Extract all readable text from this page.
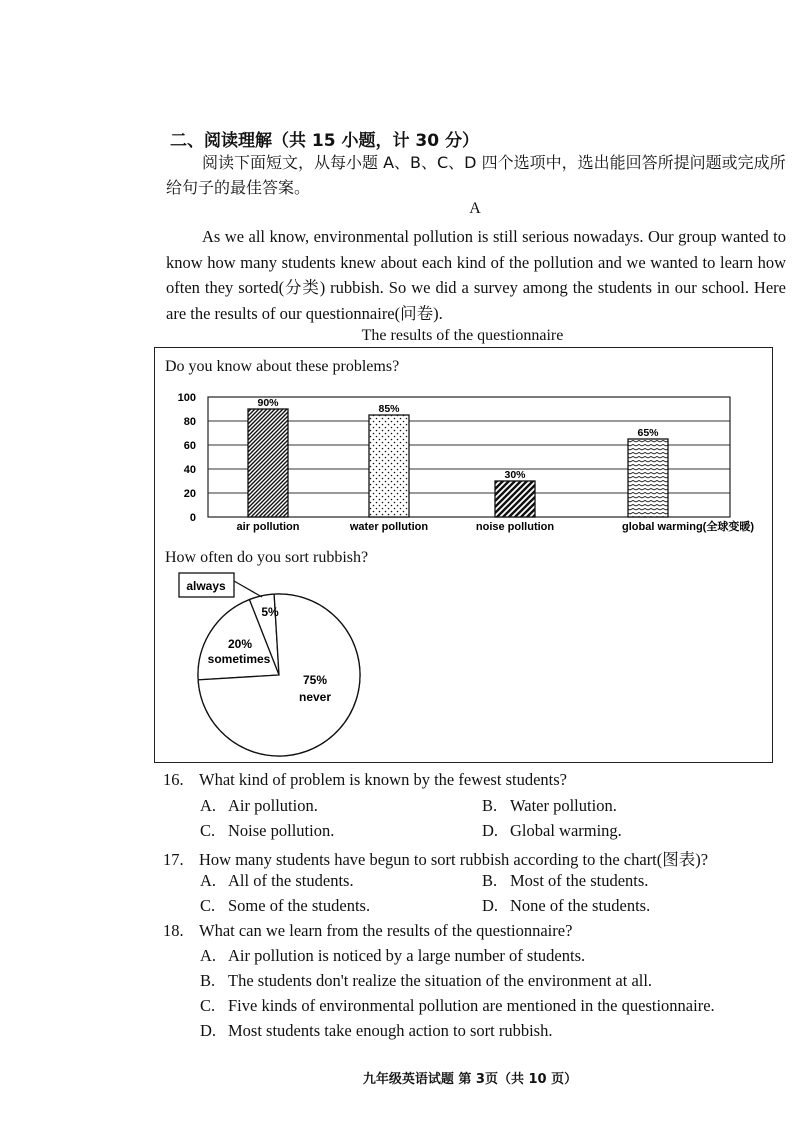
二、阅读理解（共 15 小题，计 30 分）
阅读下面短文，从每小题 A、B、C、D 四个选项中，选出能回答所提问题或完成所给句子的最佳答案。
A
As we all know, environmental pollution is still serious nowadays. Our group wanted to know how many students knew about each kind of the pollution and we wanted to learn how often they sorted(分类) rubbish. So we did a survey among the students in our school. Here are the results of our questionnaire(问卷).
The results of the questionnaire
Do you know about these problems?
100
80
60
40
20
0
90%	85%
30%
65%
air pollution	water pollution	noise pollution	global warming(全球变暖)
5%
20%
sometimes
75%
never
always
How often do you sort rubbish?
16. What kind of problem is known by the fewest students?
A. Air pollution.	B. Water pollution.
C. Noise pollution.	D. Global warming.
17. How many students have begun to sort rubbish according to the chart(图表)?
A. All of the students.	B. Most of the students.
C. Some of the students.	D. None of the students.
18. What can we learn from the results of the questionnaire?
A. Air pollution is noticed by a large number of students.
B. The students don't realize the situation of the environment at all.
C. Five kinds of environmental pollution are mentioned in the questionnaire.
D. Most students take enough action to sort rubbish.
九年级英语试题 第 3页（共 10 页）
